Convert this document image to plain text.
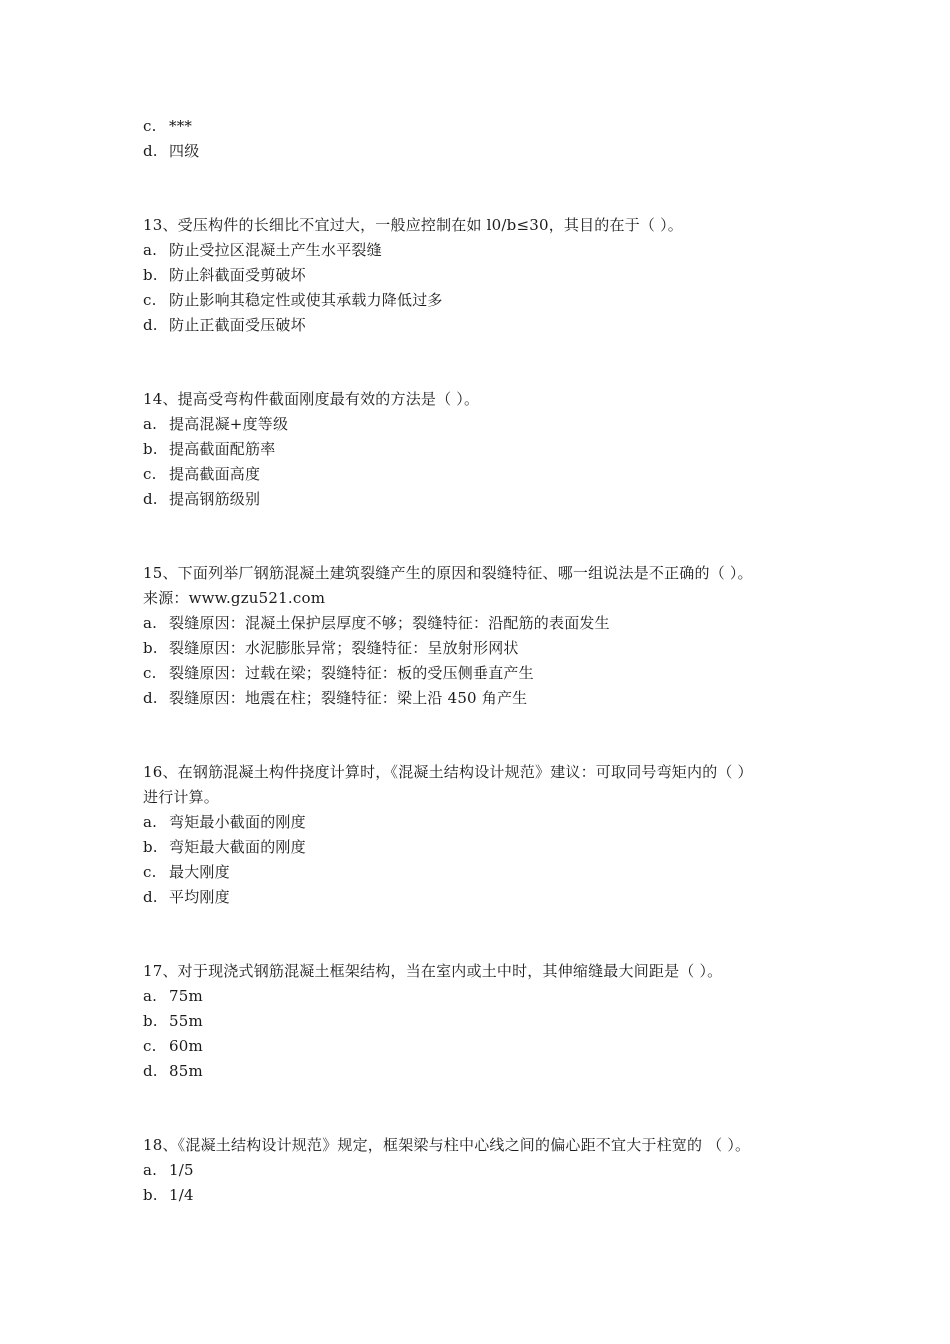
c. ***
d. 四级
13、受压构件的长细比不宜过大，一般应控制在如 l0/b≤30，其目的在于（ ）。
a. 防止受拉区混凝土产生水平裂缝
b. 防止斜截面受剪破坏
c. 防止影响其稳定性或使其承载力降低过多
d. 防止正截面受压破坏
14、提高受弯构件截面刚度最有效的方法是（ ）。
a. 提高混凝+度等级
b. 提高截面配筋率
c. 提高截面高度
d. 提高钢筋级别
15、下面列举厂钢筋混凝土建筑裂缝产生的原因和裂缝特征、哪一组说法是不正确的（ ）。
来源：www.gzu521.com
a. 裂缝原因：混凝土保护层厚度不够；裂缝特征：沿配筋的表面发生
b. 裂缝原因：水泥膨胀异常；裂缝特征：呈放射形网状
c. 裂缝原因：过载在梁；裂缝特征：板的受压侧垂直产生
d. 裂缝原因：地震在柱；裂缝特征：梁上沿 450 角产生
16、在钢筋混凝土构件挠度计算时，《混凝土结构设计规范》建议：可取同号弯矩内的（ ）
进行计算。
a. 弯矩最小截面的刚度
b. 弯矩最大截面的刚度
c. 最大刚度
d. 平均刚度
17、对于现浇式钢筋混凝土框架结构，当在室内或土中时，其伸缩缝最大间距是（ ）。
a. 75m
b. 55m
c. 60m
d. 85m
18、《混凝土结构设计规范》规定，框架梁与柱中心线之间的偏心距不宜大于柱宽的 （ ）。
a. 1/5
b. 1/4
